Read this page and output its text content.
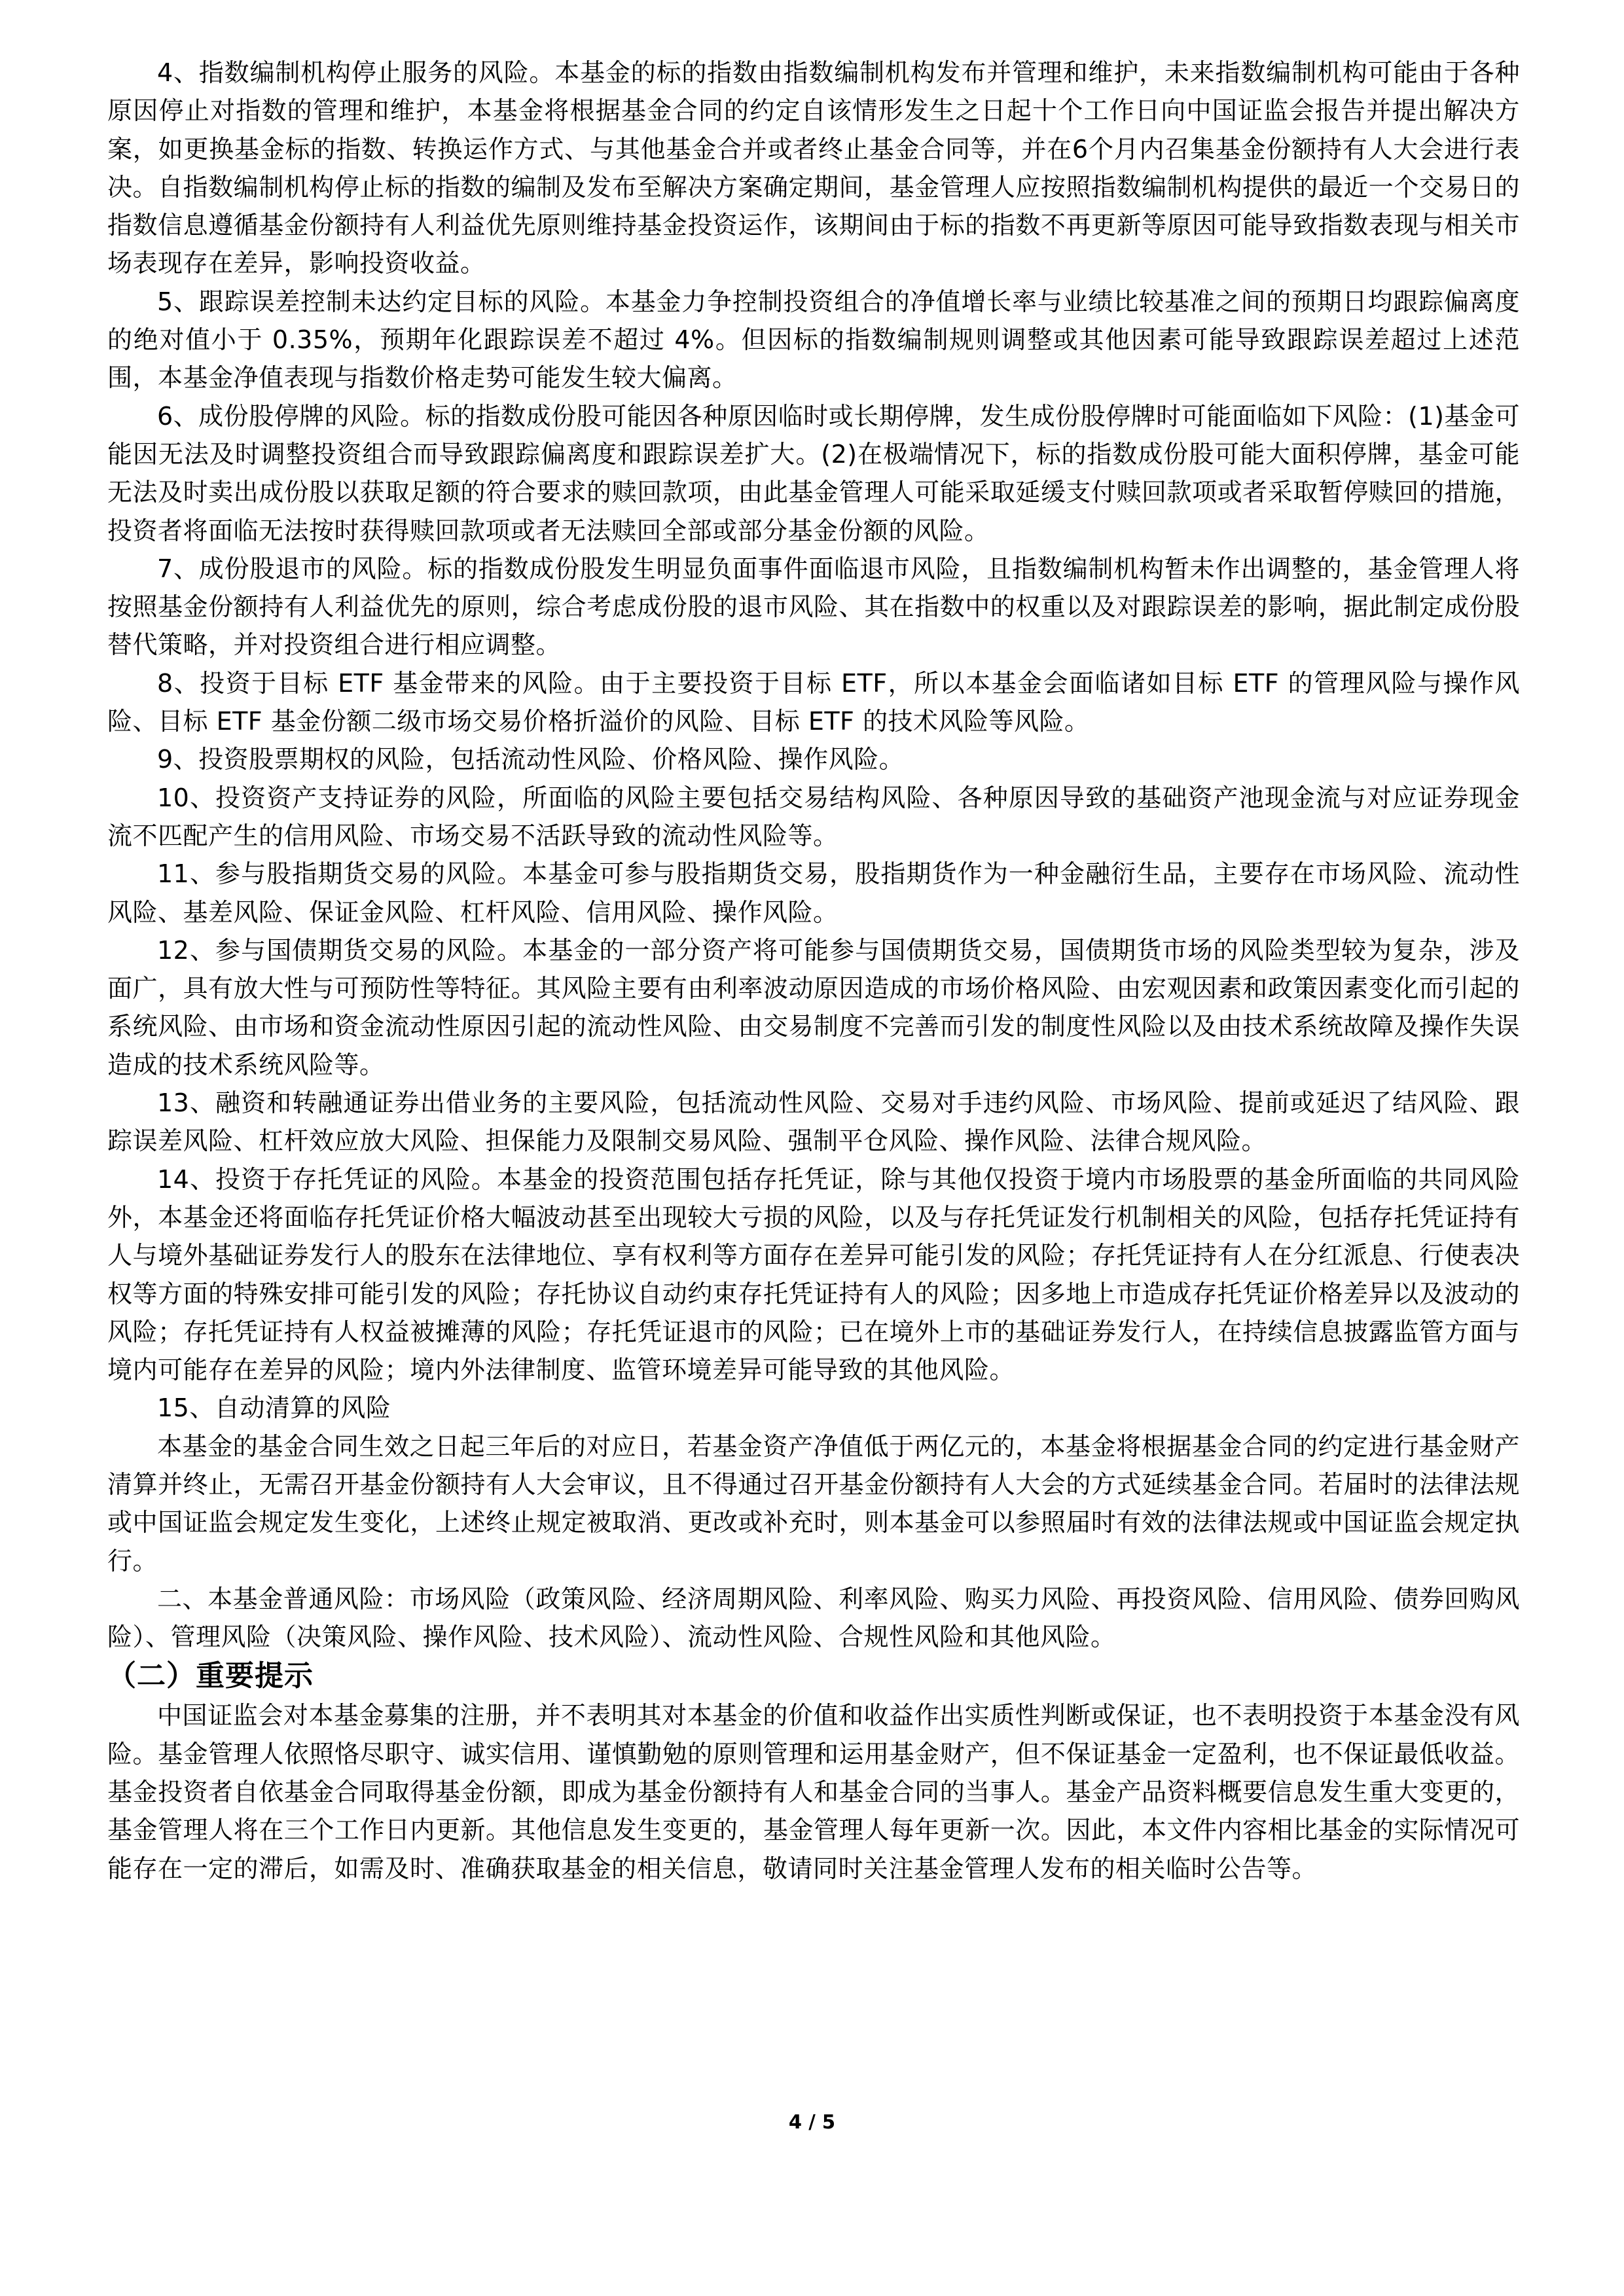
4、指数编制机构停止服务的风险。本基金的标的指数由指数编制机构发布并管理和维护，未来指数编制机构可能由于各种原因停止对指数的管理和维护，本基金将根据基金合同的约定自该情形发生之日起十个工作日向中国证监会报告并提出解决方案，如更换基金标的指数、转换运作方式、与其他基金合并或者终止基金合同等，并在6个月内召集基金份额持有人大会进行表决。自指数编制机构停止标的指数的编制及发布至解决方案确定期间，基金管理人应按照指数编制机构提供的最近一个交易日的指数信息遵循基金份额持有人利益优先原则维持基金投资运作，该期间由于标的指数不再更新等原因可能导致指数表现与相关市场表现存在差异，影响投资收益。

5、跟踪误差控制未达约定目标的风险。本基金力争控制投资组合的净值增长率与业绩比较基准之间的预期日均跟踪偏离度的绝对值小于 0.35%，预期年化跟踪误差不超过 4%。但因标的指数编制规则调整或其他因素可能导致跟踪误差超过上述范围，本基金净值表现与指数价格走势可能发生较大偏离。

6、成份股停牌的风险。标的指数成份股可能因各种原因临时或长期停牌，发生成份股停牌时可能面临如下风险：(1)基金可能因无法及时调整投资组合而导致跟踪偏离度和跟踪误差扩大。(2)在极端情况下，标的指数成份股可能大面积停牌，基金可能无法及时卖出成份股以获取足额的符合要求的赎回款项，由此基金管理人可能采取延缓支付赎回款项或者采取暂停赎回的措施，投资者将面临无法按时获得赎回款项或者无法赎回全部或部分基金份额的风险。

7、成份股退市的风险。标的指数成份股发生明显负面事件面临退市风险，且指数编制机构暂未作出调整的，基金管理人将按照基金份额持有人利益优先的原则，综合考虑成份股的退市风险、其在指数中的权重以及对跟踪误差的影响，据此制定成份股替代策略，并对投资组合进行相应调整。

8、投资于目标 ETF 基金带来的风险。由于主要投资于目标 ETF，所以本基金会面临诸如目标 ETF 的管理风险与操作风险、目标 ETF 基金份额二级市场交易价格折溢价的风险、目标 ETF 的技术风险等风险。

9、投资股票期权的风险，包括流动性风险、价格风险、操作风险。

10、投资资产支持证券的风险，所面临的风险主要包括交易结构风险、各种原因导致的基础资产池现金流与对应证券现金流不匹配产生的信用风险、市场交易不活跃导致的流动性风险等。

11、参与股指期货交易的风险。本基金可参与股指期货交易，股指期货作为一种金融衍生品，主要存在市场风险、流动性风险、基差风险、保证金风险、杠杆风险、信用风险、操作风险。

12、参与国债期货交易的风险。本基金的一部分资产将可能参与国债期货交易，国债期货市场的风险类型较为复杂，涉及面广，具有放大性与可预防性等特征。其风险主要有由利率波动原因造成的市场价格风险、由宏观因素和政策因素变化而引起的系统风险、由市场和资金流动性原因引起的流动性风险、由交易制度不完善而引发的制度性风险以及由技术系统故障及操作失误造成的技术系统风险等。

13、融资和转融通证券出借业务的主要风险，包括流动性风险、交易对手违约风险、市场风险、提前或延迟了结风险、跟踪误差风险、杠杆效应放大风险、担保能力及限制交易风险、强制平仓风险、操作风险、法律合规风险。

14、投资于存托凭证的风险。本基金的投资范围包括存托凭证，除与其他仅投资于境内市场股票的基金所面临的共同风险外，本基金还将面临存托凭证价格大幅波动甚至出现较大亏损的风险，以及与存托凭证发行机制相关的风险，包括存托凭证持有人与境外基础证券发行人的股东在法律地位、享有权利等方面存在差异可能引发的风险；存托凭证持有人在分红派息、行使表决权等方面的特殊安排可能引发的风险；存托协议自动约束存托凭证持有人的风险；因多地上市造成存托凭证价格差异以及波动的风险；存托凭证持有人权益被摊薄的风险；存托凭证退市的风险；已在境外上市的基础证券发行人，在持续信息披露监管方面与境内可能存在差异的风险；境内外法律制度、监管环境差异可能导致的其他风险。

15、自动清算的风险

本基金的基金合同生效之日起三年后的对应日，若基金资产净值低于两亿元的，本基金将根据基金合同的约定进行基金财产清算并终止，无需召开基金份额持有人大会审议，且不得通过召开基金份额持有人大会的方式延续基金合同。若届时的法律法规或中国证监会规定发生变化，上述终止规定被取消、更改或补充时，则本基金可以参照届时有效的法律法规或中国证监会规定执行。

二、本基金普通风险：市场风险（政策风险、经济周期风险、利率风险、购买力风险、再投资风险、信用风险、债券回购风险）、管理风险（决策风险、操作风险、技术风险）、流动性风险、合规性风险和其他风险。

（二）重要提示

中国证监会对本基金募集的注册，并不表明其对本基金的价值和收益作出实质性判断或保证，也不表明投资于本基金没有风险。基金管理人依照恪尽职守、诚实信用、谨慎勤勉的原则管理和运用基金财产，但不保证基金一定盈利，也不保证最低收益。基金投资者自依基金合同取得基金份额，即成为基金份额持有人和基金合同的当事人。基金产品资料概要信息发生重大变更的，基金管理人将在三个工作日内更新。其他信息发生变更的，基金管理人每年更新一次。因此，本文件内容相比基金的实际情况可能存在一定的滞后，如需及时、准确获取基金的相关信息，敬请同时关注基金管理人发布的相关临时公告等。

4 / 5
